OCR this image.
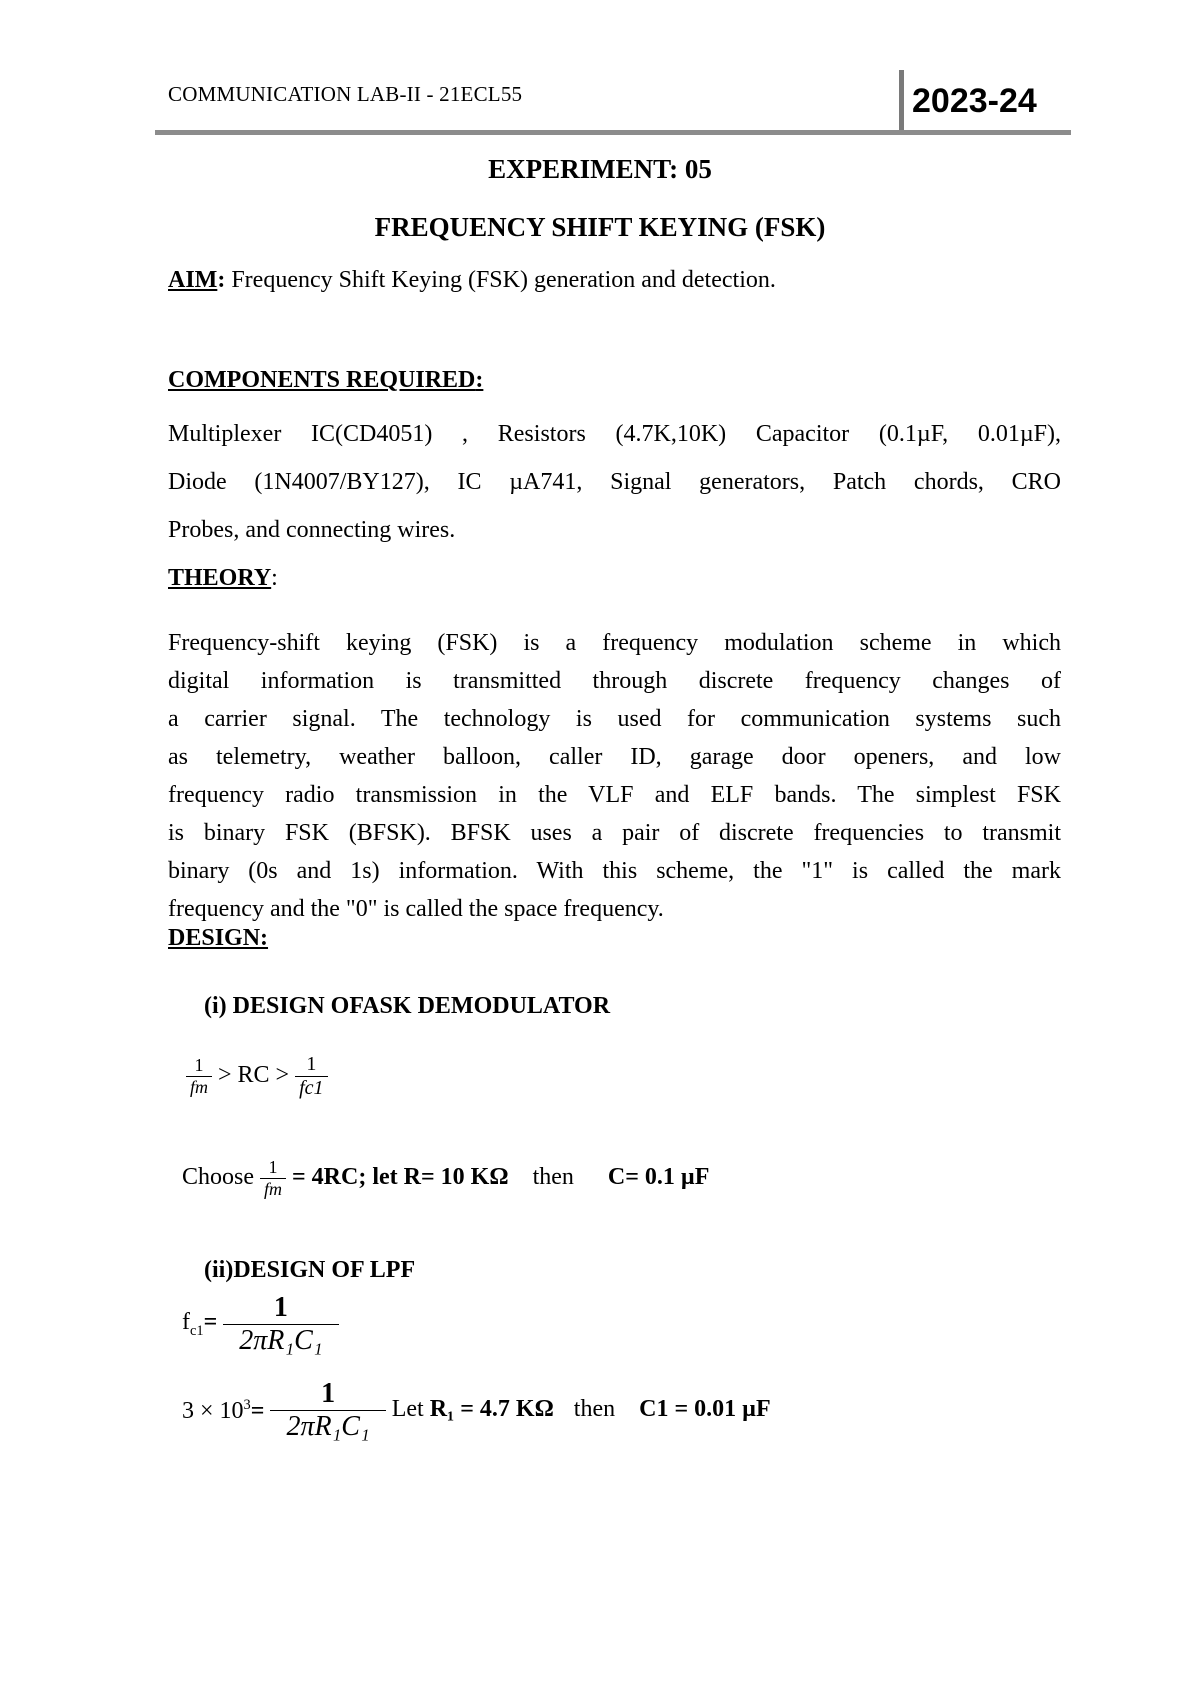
COMMUNICATION LAB-II - 21ECL55	2023-24
EXPERIMENT: 05
FREQUENCY SHIFT KEYING (FSK)
AIM: Frequency Shift Keying (FSK) generation and detection.
COMPONENTS REQUIRED:

Multiplexer IC(CD4051) , Resistors (4.7K,10K) Capacitor (0.1µF, 0.01µF),

Diode (1N4007/BY127), IC µA741, Signal generators, Patch chords, CRO

Probes, and connecting wires.

THEORY:

Frequency-shift keying (FSK) is a frequency modulation scheme in which

digital information is transmitted through discrete frequency changes of

a carrier signal. The technology is used for communication systems such

as telemetry, weather balloon, caller ID, garage door openers, and low

frequency radio transmission in the VLF and ELF bands. The simplest FSK

is binary FSK (BFSK). BFSK uses a pair of discrete frequencies to transmit

binary (0s and 1s) information. With this scheme, the "1" is called the mark

frequency and the "0" is called the space frequency.

DESIGN:
(i) DESIGN OFASK DEMODULATOR
$\frac{1}{fm}$ > RC > $\frac{1}{fc1}$
Choose $\frac{1}{fm} = 4RC$; let R= 10 KΩ then C= 0.1 µF
(ii)DESIGN OF LPF
$f_{c1}= \frac{1}{\text{2πR₁C₁}}$
$3 \times 10^3= \frac{1}{\text{2πR₁C₁}}$ Let R₁ = 4.7 KΩ then C1 = 0.01 µF
